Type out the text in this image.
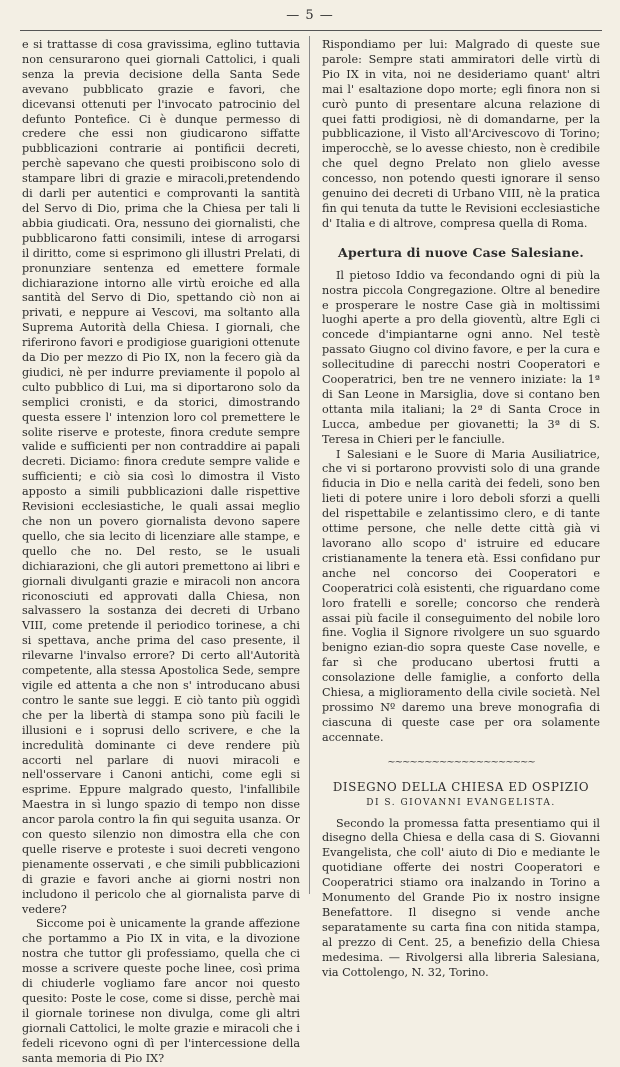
— 5 —

e si trattasse di cosa gravissima, eglino tuttavia non censurarono quei giornali Cattolici, i quali senza la previa decisione della Santa Sede avevano pubblicato grazie e favori, che dicevansi ottenuti per l'invocato patrocinio del defunto Pontefice. Ci è dunque permesso di credere che essi non giudicarono siffatte pubblicazioni contrarie ai pontificii decreti, perchè sapevano che questi proibiscono solo di stampare libri di grazie e miracoli,pretendendo di darli per autentici e comprovanti la santità del Servo di Dio, prima che la Chiesa per tali li abbia giudicati. Ora, nessuno dei giornalisti, che pubblicarono fatti consimili, intese di arrogarsi il diritto, come si esprimono gli illustri Prelati, di pronunziare sentenza ed emettere formale dichiarazione intorno alle virtù eroiche ed alla santità del Servo di Dio, spettando ciò non ai privati, e neppure ai Vescovi, ma soltanto alla Suprema Autorità della Chiesa. I giornali, che riferirono favori e prodigiose guarigioni ottenute da Dio per mezzo di Pio IX, non la fecero già da giudici, nè per indurre previamente il popolo al culto pubblico di Lui, ma si diportarono solo da semplici cronisti, e da storici, dimostrando questa essere l' intenzion loro col premettere le solite riserve e proteste, finora credute sempre valide e sufficienti per non contraddire ai papali decreti. Diciamo: finora credute sempre valide e sufficienti; e ciò sia così lo dimostra il Visto apposto a simili pubblicazioni dalle rispettive Revisioni ecclesiastiche, le quali assai meglio che non un povero giornalista devono sapere quello, che sia lecito di licenziare alle stampe, e quello che no. Del resto, se le usuali dichiarazioni, che gli autori premettono ai libri e giornali divulganti grazie e miracoli non ancora riconosciuti ed approvati dalla Chiesa, non salvassero la sostanza dei decreti di Urbano VIII, come pretende il periodico torinese, a chi si spettava, anche prima del caso presente, il rilevarne l'invalso errore? Di certo all'Autorità competente, alla stessa Apostolica Sede, sempre vigile ed attenta a che non s' introducano abusi contro le sante sue leggi. E ciò tanto più oggidì che per la libertà di stampa sono più facili le illusioni e i soprusi dello scrivere, e che la incredulità dominante ci deve rendere più accorti nel parlare di nuovi miracoli e nell'osservare i Canoni antichi, come egli si esprime. Eppure malgrado questo, l'infallibile Maestra in sì lungo spazio di tempo non disse ancor parola contro la fin qui seguita usanza. Or con questo silenzio non dimostra ella che con quelle riserve e proteste i suoi decreti vengono pienamente osservati , e che simili pubblicazioni di grazie e favori anche ai giorni nostri non includono il pericolo che al giornalista parve di vedere?

Siccome poi è unicamente la grande affezione che portammo a Pio IX in vita, e la divozione nostra che tuttor gli professiamo, quella che ci mosse a scrivere queste poche linee, così prima di chiuderle vogliamo fare ancor noi questo quesito: Poste le cose, come si disse, perchè mai il giornale torinese non divulga, come gli altri giornali Cattolici, le molte grazie e miracoli che i fedeli ricevono ogni dì per l'intercessione della santa memoria di Pio IX?

Rispondiamo per lui: Malgrado di queste sue parole: Sempre stati ammiratori delle virtù di Pio IX in vita, noi ne desideriamo quant' altri mai l' esaltazione dopo morte; egli finora non si curò punto di presentare alcuna relazione di quei fatti prodigiosi, nè di domandarne, per la pubblicazione, il Visto all'Arcivescovo di Torino; imperocchè, se lo avesse chiesto, non è credibile che quel degno Prelato non glielo avesse concesso, non potendo questi ignorare il senso genuino dei decreti di Urbano VIII, nè la pratica fin qui tenuta da tutte le Revisioni ecclesiastiche d' Italia e di altrove, compresa quella di Roma.

Apertura di nuove Case Salesiane.

Il pietoso Iddio va fecondando ogni di più la nostra piccola Congregazione. Oltre al benedire e prosperare le nostre Case già in moltissimi luoghi aperte a pro della gioventù, altre Egli ci concede d'impiantarne ogni anno. Nel testè passato Giugno col divino favore, e per la cura e sollecitudine di parecchi nostri Cooperatori e Cooperatrici, ben tre ne vennero iniziate: la 1ª di San Leone in Marsiglia, dove si contano ben ottanta mila italiani; la 2ª di Santa Croce in Lucca, ambedue per giovanetti; la 3ª di S. Teresa in Chieri per le fanciulle.

I Salesiani e le Suore di Maria Ausiliatrice, che vi si portarono provvisti solo di una grande fiducia in Dio e nella carità dei fedeli, sono ben lieti di potere unire i loro deboli sforzi a quelli del rispettabile e zelantissimo clero, e di tante ottime persone, che nelle dette città già vi lavorano allo scopo d' istruire ed educare cristianamente la tenera età. Essi confidano pur anche nel concorso dei Cooperatori e Cooperatrici colà esistenti, che riguardano come loro fratelli e sorelle; concorso che renderà assai più facile il conseguimento del nobile loro fine. Voglia il Signore rivolgere un suo sguardo benigno ezian-dio sopra queste Case novelle, e far sì che producano ubertosi frutti a consolazione delle famiglie, a conforto della Chiesa, a miglioramento della civile società. Nel prossimo Nº daremo una breve monografia di ciascuna di queste case per ora solamente accennate.

~~~~~~~~~~~~~~~~~~~~
DISEGNO DELLA CHIESA ED OSPIZIO
DI S. GIOVANNI EVANGELISTA.

Secondo la promessa fatta presentiamo qui il disegno della Chiesa e della casa di S. Giovanni Evangelista, che coll' aiuto di Dio e mediante le quotidiane offerte dei nostri Cooperatori e Cooperatrici stiamo ora inalzando in Torino a Monumento del Grande Pio ix nostro insigne Benefattore. Il disegno si vende anche separatamente su carta fina con nitida stampa, al prezzo di Cent. 25, a benefizio della Chiesa medesima. — Rivolgersi alla libreria Salesiana, via Cottolengo, N. 32, Torino.
